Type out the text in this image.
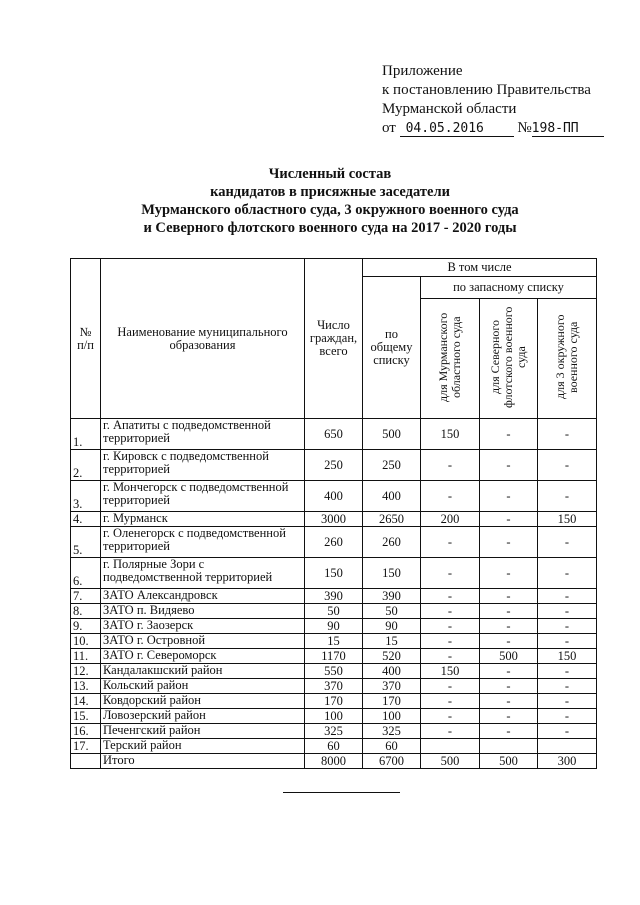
Приложение
к постановлению Правительства
Мурманской области
от 04.05.2016 №198-ПП
Численный состав
кандидатов в присяжные заседатели
Мурманского областного суда, 3 окружного военного суда
и Северного флотского военного суда на 2017 - 2020 годы
№ п/п	Наименование муниципального образования	Число граждан, всего	В том числе			
			по общему списку	по запасному списку		
				для Мурманского областного суда	для Северного флотского военного суда	для 3 окружного военного суда
1.	г. Апатиты с подведомственной территорией	650	500	150	-	-
2.	г. Кировск с подведомственной территорией	250	250	-	-	-
3.	г. Мончегорск с подведомственной территорией	400	400	-	-	-
4.	г. Мурманск	3000	2650	200	-	150
5.	г. Оленегорск с подведомственной территорией	260	260	-	-	-
6.	г. Полярные Зори с подведомственной территорией	150	150	-	-	-
7.	ЗАТО Александровск	390	390	-	-	-
8.	ЗАТО п. Видяево	50	50	-	-	-
9.	ЗАТО г. Заозерск	90	90	-	-	-
10.	ЗАТО г. Островной	15	15	-	-	-
11.	ЗАТО г. Североморск	1170	520	-	500	150
12.	Кандалакшский район	550	400	150	-	-
13.	Кольский район	370	370	-	-	-
14.	Ковдорский район	170	170	-	-	-
15.	Ловозерский район	100	100	-	-	-
16.	Печенгский район	325	325	-	-	-
17.	Терский район	60	60			
	Итого	8000	6700	500	500	300
